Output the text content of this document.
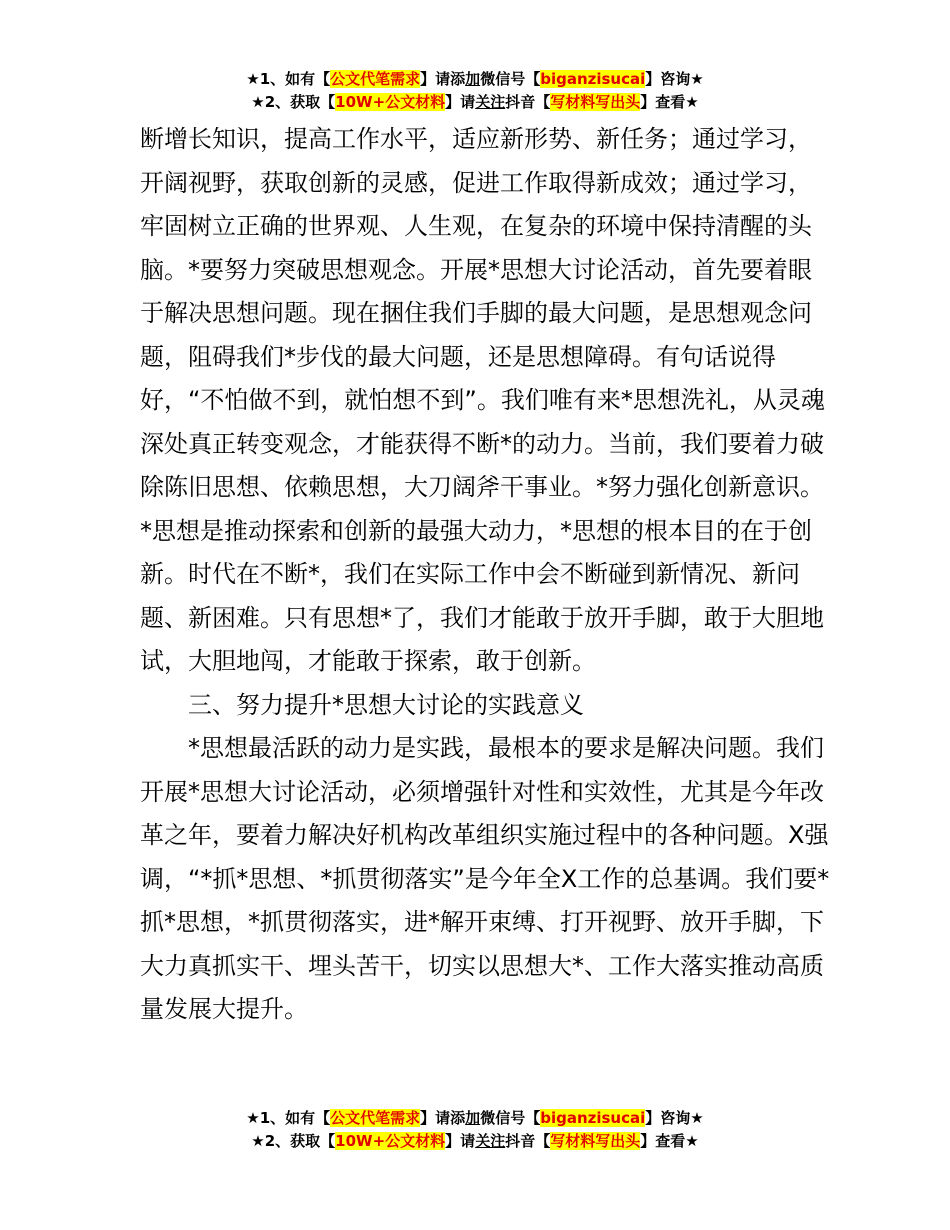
★1、如有【公文代笔需求】请添加微信号【biganzisucai】咨询★
★2、获取【10W+公文材料】请关注抖音【写材料写出头】查看★

断增长知识，提高工作水平，适应新形势、新任务；通过学习，开阔视野，获取创新的灵感，促进工作取得新成效；通过学习，牢固树立正确的世界观、人生观，在复杂的环境中保持清醒的头脑。*要努力突破思想观念。开展*思想大讨论活动，首先要着眼于解决思想问题。现在捆住我们手脚的最大问题，是思想观念问题，阻碍我们*步伐的最大问题，还是思想障碍。有句话说得好，“不怕做不到，就怕想不到”。我们唯有来*思想洗礼，从灵魂深处真正转变观念，才能获得不断*的动力。当前，我们要着力破除陈旧思想、依赖思想，大刀阔斧干事业。*努力强化创新意识。*思想是推动探索和创新的最强大动力，*思想的根本目的在于创新。时代在不断*，我们在实际工作中会不断碰到新情况、新问题、新困难。只有思想*了，我们才能敢于放开手脚，敢于大胆地试，大胆地闯，才能敢于探索，敢于创新。

三、努力提升*思想大讨论的实践意义

*思想最活跃的动力是实践，最根本的要求是解决问题。我们开展*思想大讨论活动，必须增强针对性和实效性，尤其是今年改革之年，要着力解决好机构改革组织实施过程中的各种问题。X强调，“*抓*思想、*抓贯彻落实”是今年全X工作的总基调。我们要*抓*思想，*抓贯彻落实，进*解开束缚、打开视野、放开手脚，下大力真抓实干、埋头苦干，切实以思想大*、工作大落实推动高质量发展大提升。

★1、如有【公文代笔需求】请添加微信号【biganzisucai】咨询★
★2、获取【10W+公文材料】请关注抖音【写材料写出头】查看★
